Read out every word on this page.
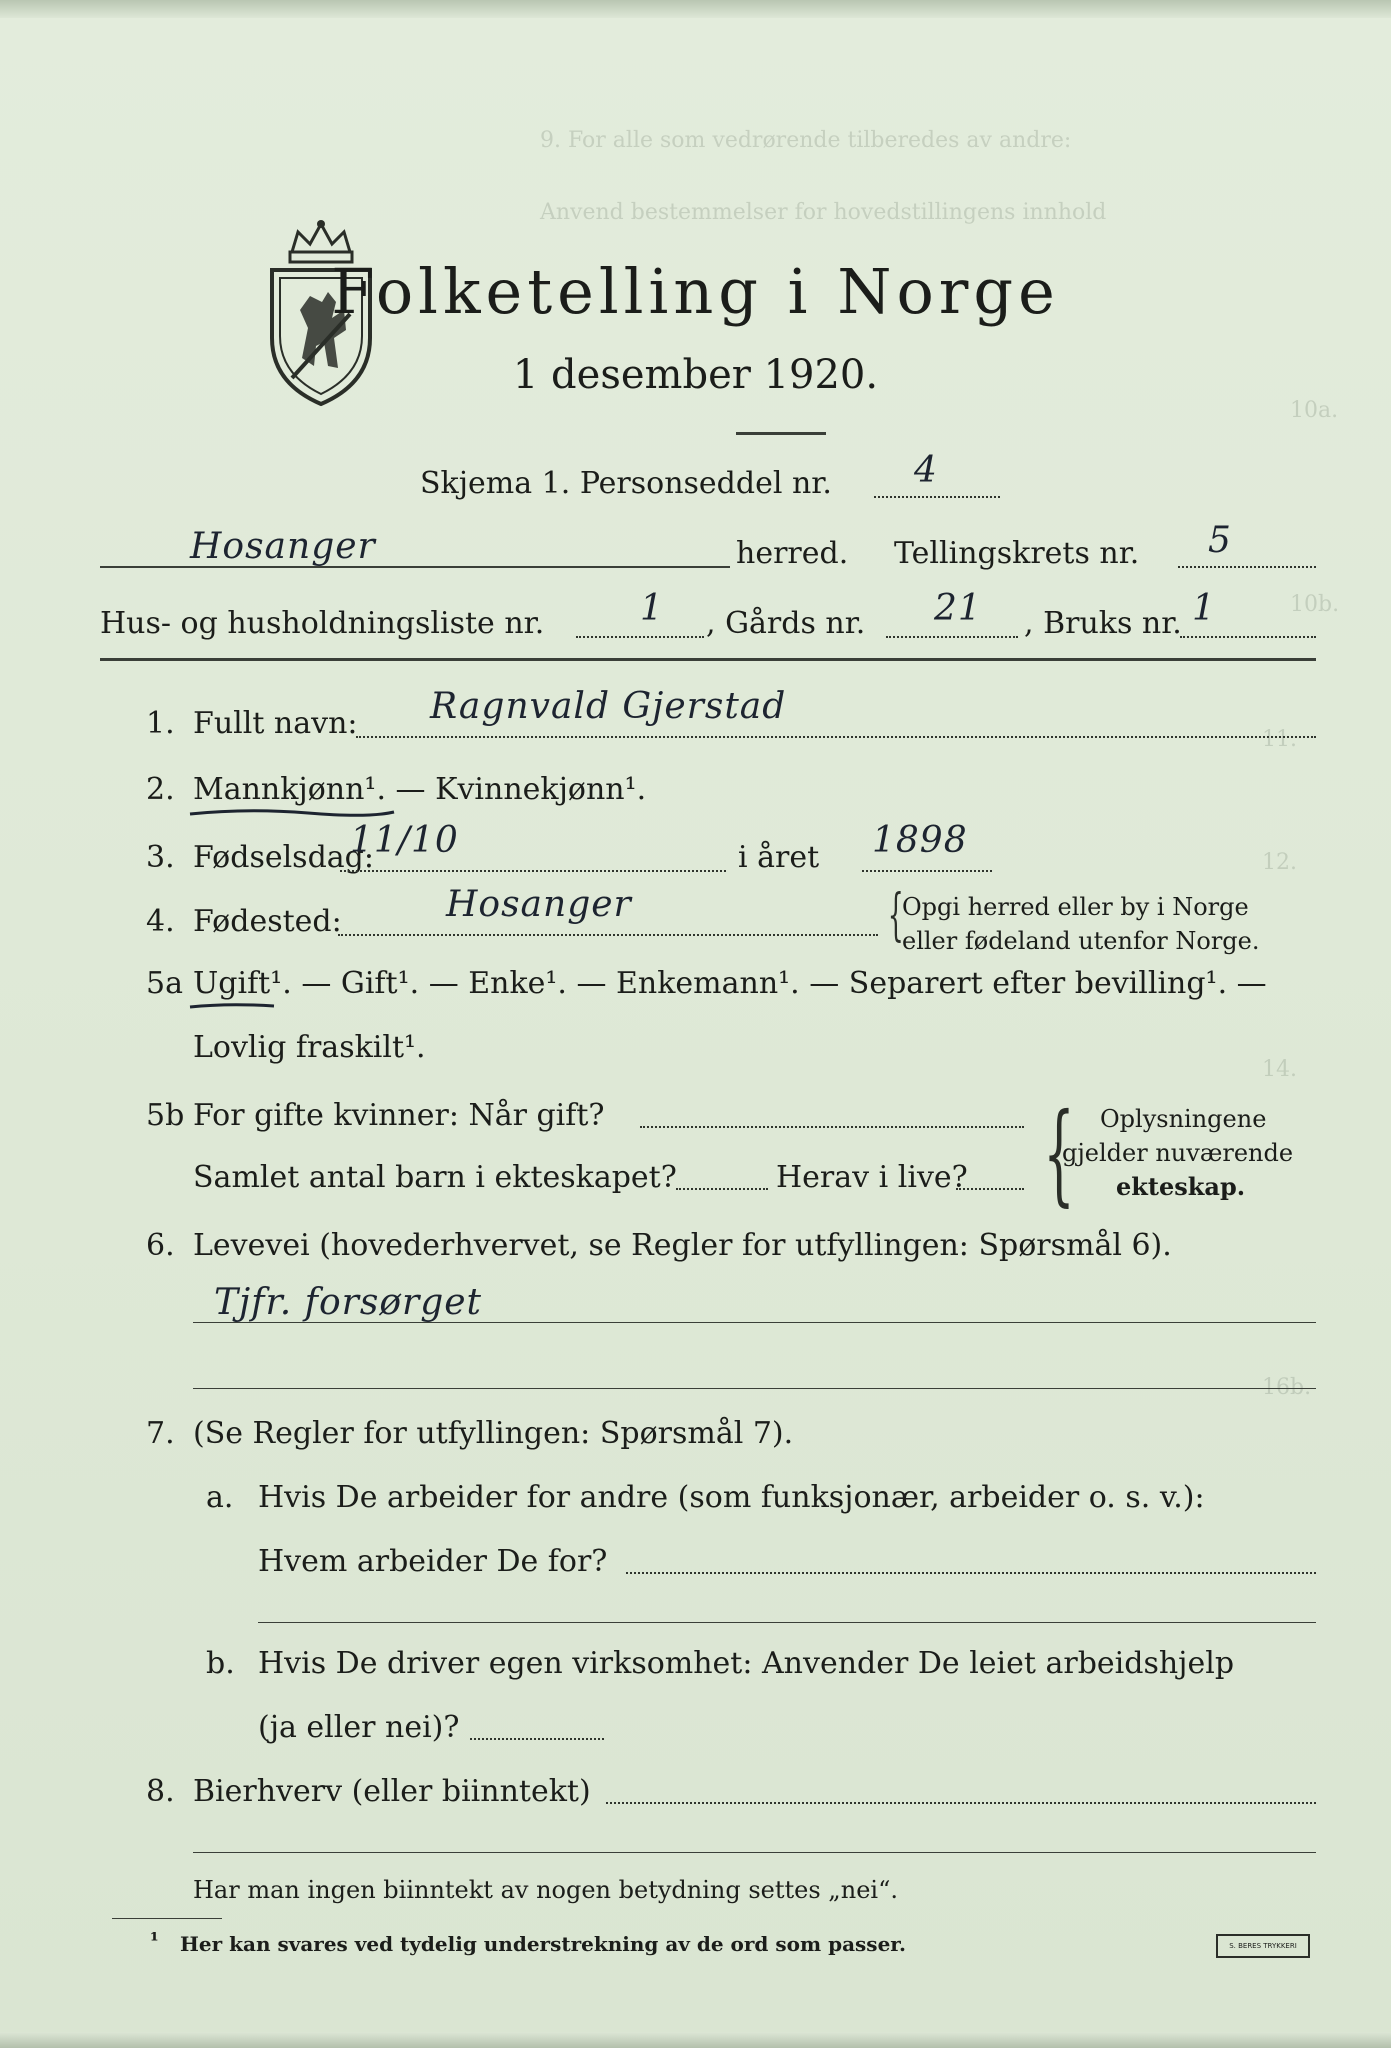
9. For alle som vedrørende tilberedes av andre:
Anvend bestemmelser for hovedstillingens innhold
10a.
10b.
11.
12.
14.
16b.
Folketelling i Norge
1 desember 1920.
Skjema 1. Personseddel nr. 4
Hosanger	herred. Tellingskrets nr. 5
Hus- og husholdningsliste nr.	1 , Gårds nr. 21 , Bruks nr. 1
1. Fullt navn: Ragnvald Gjerstad
2. Mannkjønn¹. — Kvinnekjønn¹.
3. Fødselsdag:
11/10	i året 1898
4. Fødested:	Hosanger	{
Opgi herred eller by i Norge
eller fødeland utenfor Norge.
5a Ugift¹. — Gift¹. — Enke¹. — Enkemann¹. — Separert efter bevilling¹. —
Lovlig fraskilt¹.
5b For gifte kvinner: Når gift?
Samlet antal barn i ekteskapet?	Herav i live? { Oplysningene
gjelder nuværende
ekteskap.
6. Levevei (hovederhvervet, se Regler for utfyllingen: Spørsmål 6).
Tjfr. forsørget
7. (Se Regler for utfyllingen: Spørsmål 7).
a. Hvis De arbeider for andre (som funksjonær, arbeider o. s. v.):
Hvem arbeider De for?
b. Hvis De driver egen virksomhet: Anvender De leiet arbeidshjelp
(ja eller nei)?
8. Bierhverv (eller biinntekt)
Har man ingen biinntekt av nogen betydning settes „nei“.
¹ Her kan svares ved tydelig understrekning av de ord som passer.	S. BERES TRYKKERI
